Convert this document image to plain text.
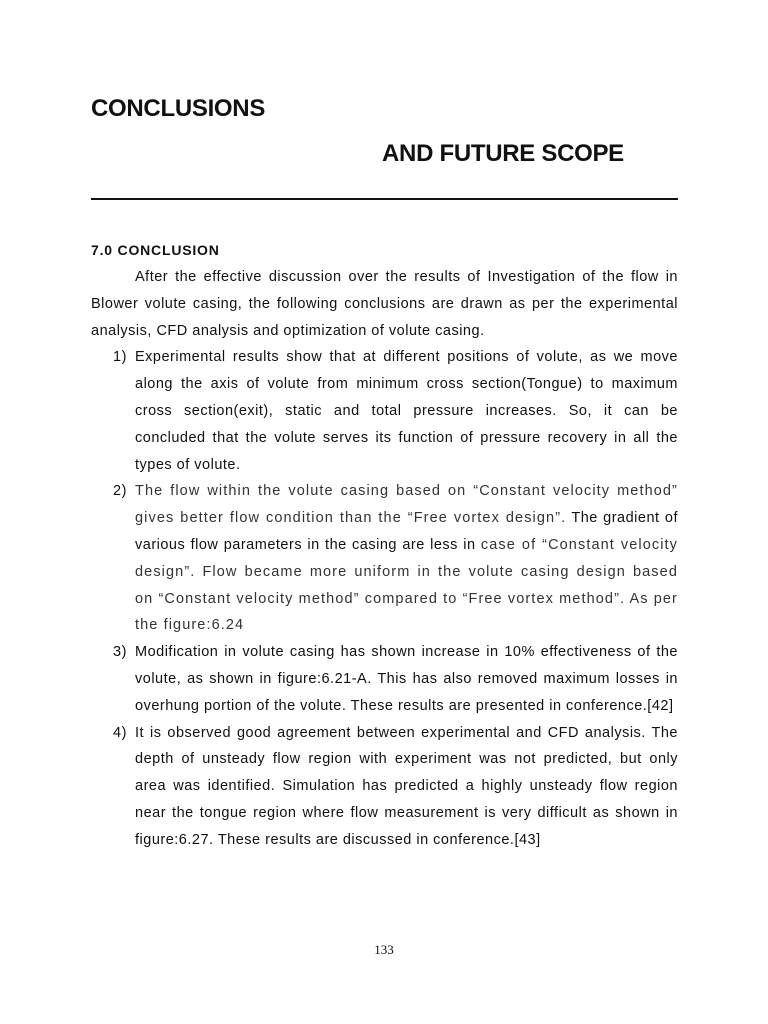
CONCLUSIONS
AND FUTURE SCOPE
7.0 CONCLUSION

After the effective discussion over the results of Investigation of the flow in Blower volute casing, the following conclusions are drawn as per the experimental analysis, CFD analysis and optimization of volute casing.

1) Experimental results show that at different positions of volute, as we move along the axis of volute from minimum cross section(Tongue) to maximum cross section(exit), static and total pressure increases. So, it can be concluded that the volute serves its function of pressure recovery in all the types of volute.
2) The flow within the volute casing based on “Constant velocity method” gives better flow condition than the “Free vortex design”. The gradient of various flow parameters in the casing are less in case of “Constant velocity design”. Flow became more uniform in the volute casing design based on “Constant velocity method” compared to “Free vortex method”. As per the figure:6.24
3) Modification in volute casing has shown increase in 10% effectiveness of the volute, as shown in figure:6.21-A. This has also removed maximum losses in overhung portion of the volute. These results are presented in conference.[42]
4) It is observed good agreement between experimental and CFD analysis. The depth of unsteady flow region with experiment was not predicted, but only area was identified. Simulation has predicted a highly unsteady flow region near the tongue region where flow measurement is very difficult as shown in figure:6.27. These results are discussed in conference.[43]
133
